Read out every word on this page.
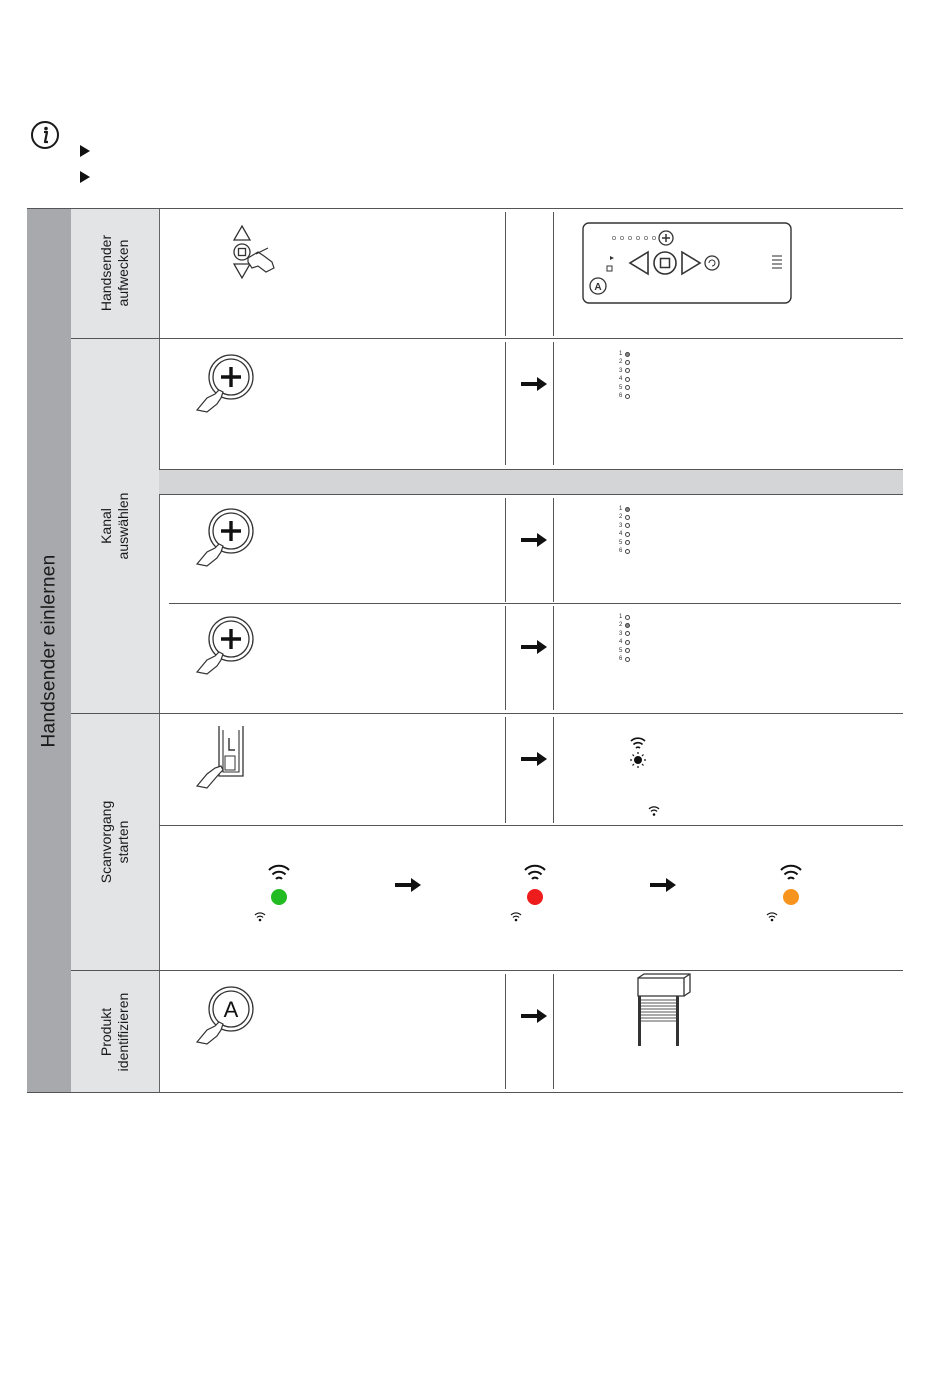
Handsender einlernen
Handsender
aufwecken
Kanal
auswählen
Scanvorgang
starten
Produkt
identifizieren
A
1
2
3
4
5
6
1
2
3
4
5
6
1
2
3
4
5
6
A
